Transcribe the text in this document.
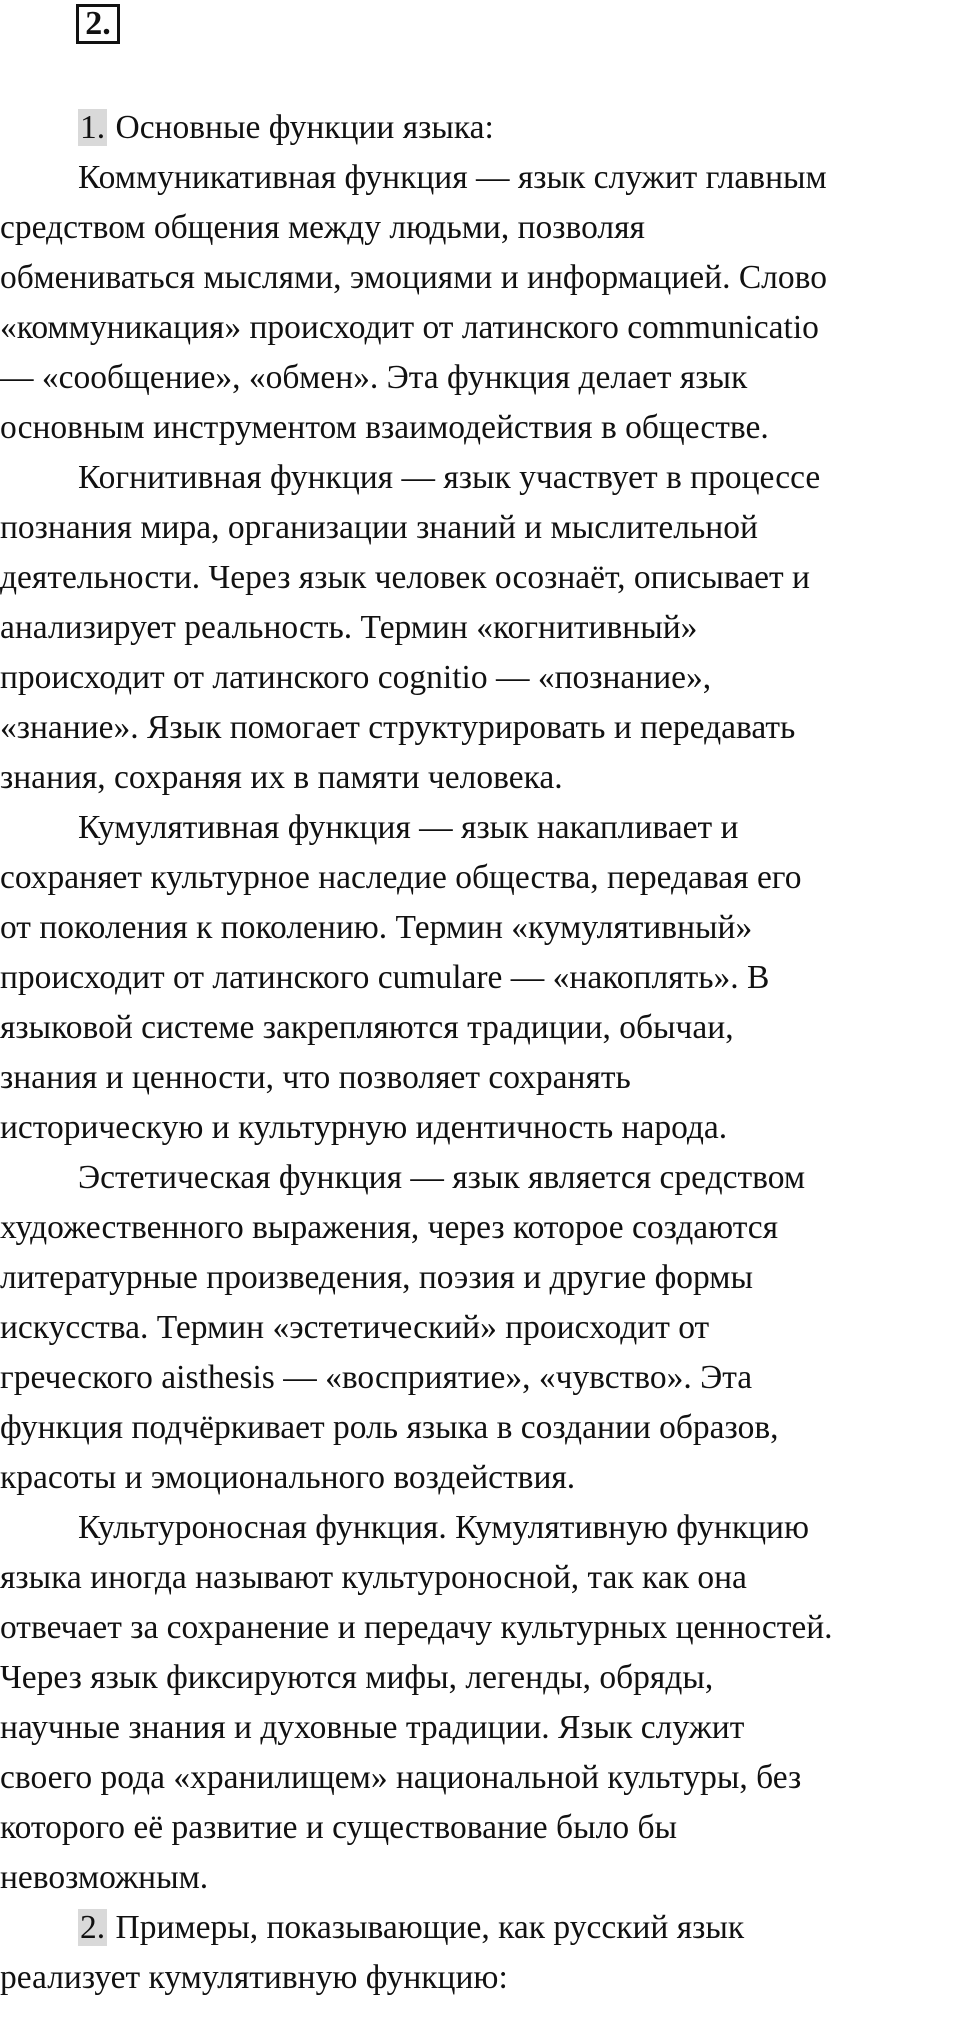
2.
1. Основные функции языка:
Коммуникативная функция — язык служит главным
средством общения между людьми, позволяя
обмениваться мыслями, эмоциями и информацией. Слово
«коммуникация» происходит от латинского communicatio
— «сообщение», «обмен». Эта функция делает язык
основным инструментом взаимодействия в обществе.
Когнитивная функция — язык участвует в процессе
познания мира, организации знаний и мыслительной
деятельности. Через язык человек осознаёт, описывает и
анализирует реальность. Термин «когнитивный»
происходит от латинского cognitio — «познание»,
«знание». Язык помогает структурировать и передавать
знания, сохраняя их в памяти человека.
Кумулятивная функция — язык накапливает и
сохраняет культурное наследие общества, передавая его
от поколения к поколению. Термин «кумулятивный»
происходит от латинского cumulare — «накоплять». В
языковой системе закрепляются традиции, обычаи,
знания и ценности, что позволяет сохранять
историческую и культурную идентичность народа.
Эстетическая функция — язык является средством
художественного выражения, через которое создаются
литературные произведения, поэзия и другие формы
искусства. Термин «эстетический» происходит от
греческого aisthesis — «восприятие», «чувство». Эта
функция подчёркивает роль языка в создании образов,
красоты и эмоционального воздействия.
Культуроносная функция. Кумулятивную функцию
языка иногда называют культуроносной, так как она
отвечает за сохранение и передачу культурных ценностей.
Через язык фиксируются мифы, легенды, обряды,
научные знания и духовные традиции. Язык служит
своего рода «хранилищем» национальной культуры, без
которого её развитие и существование было бы
невозможным.
2. Примеры, показывающие, как русский язык
реализует кумулятивную функцию:
